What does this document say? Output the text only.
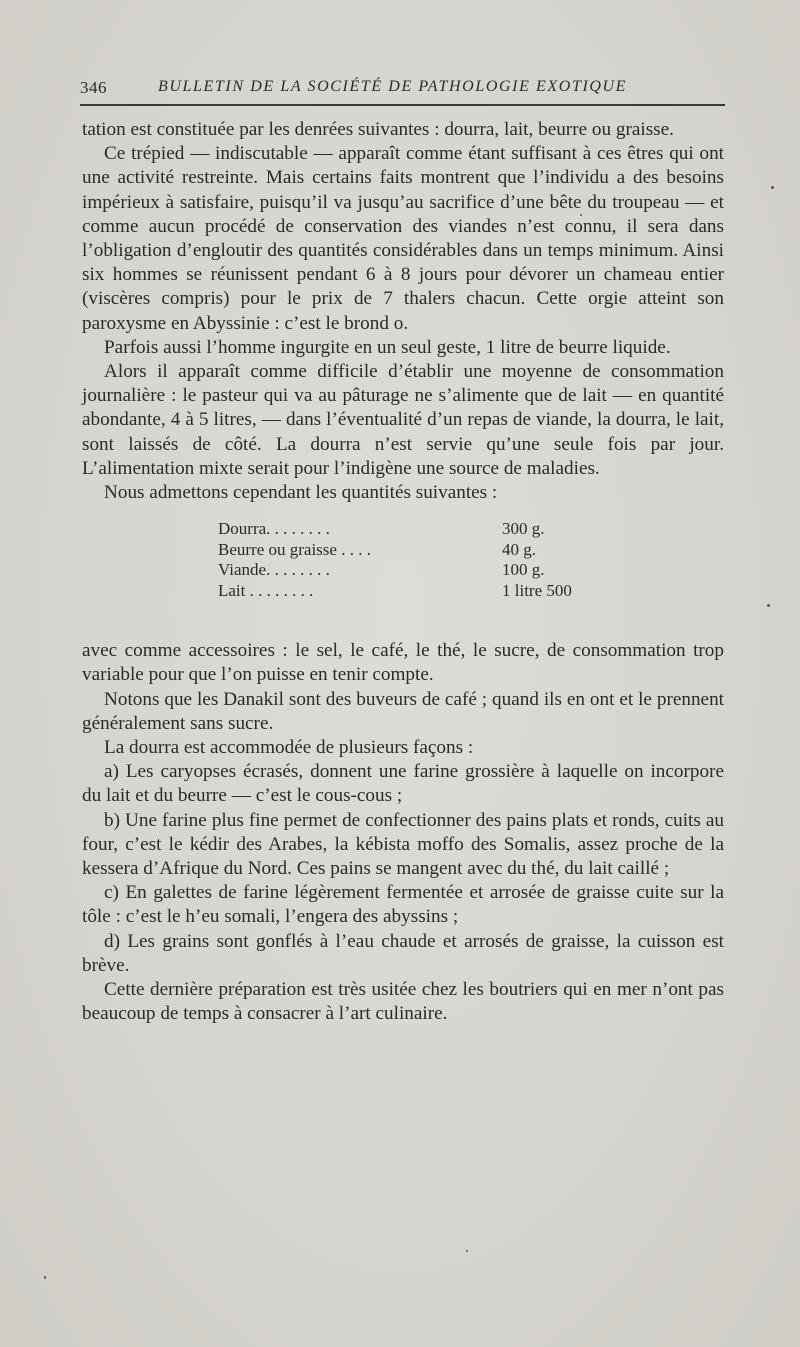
346	BULLETIN DE LA SOCIÉTÉ DE PATHOLOGIE EXOTIQUE

tation est constituée par les denrées suivantes : dourra, lait, beurre ou graisse.

Ce trépied — indiscutable — apparaît comme étant suffisant à ces êtres qui ont une activité restreinte. Mais certains faits montrent que l’individu a des besoins impérieux à satisfaire, puisqu’il va jusqu’au sacrifice d’une bête du troupeau — et comme aucun procédé de conservation des viandes n’est connu, il sera dans l’obligation d’engloutir des quantités considérables dans un temps minimum. Ainsi six hommes se réunissent pendant 6 à 8 jours pour dévorer un chameau entier (viscères compris) pour le prix de 7 thalers chacun. Cette orgie atteint son paroxysme en Abyssinie : c’est le brond o.

Parfois aussi l’homme ingurgite en un seul geste, 1 litre de beurre liquide.

Alors il apparaît comme difficile d’établir une moyenne de consommation journalière : le pasteur qui va au pâturage ne s’alimente que de lait — en quantité abondante, 4 à 5 litres, — dans l’éventualité d’un repas de viande, la dourra, le lait, sont laissés de côté. La dourra n’est servie qu’une seule fois par jour. L’alimentation mixte serait pour l’indigène une source de maladies.

Nous admettons cependant les quantités suivantes :

Dourra. . . . . . . .	300 g.
Beurre ou graisse . . . .	40 g.
Viande. . . . . . . .	100 g.
Lait . . . . . . . .	1 litre 500

avec comme accessoires : le sel, le café, le thé, le sucre, de consommation trop variable pour que l’on puisse en tenir compte.

Notons que les Danakil sont des buveurs de café ; quand ils en ont et le prennent généralement sans sucre.

La dourra est accommodée de plusieurs façons :

a) Les caryopses écrasés, donnent une farine grossière à laquelle on incorpore du lait et du beurre — c’est le cous-cous ;

b) Une farine plus fine permet de confectionner des pains plats et ronds, cuits au four, c’est le kédir des Arabes, la kébista moffo des Somalis, assez proche de la kessera d’Afrique du Nord. Ces pains se mangent avec du thé, du lait caillé ;

c) En galettes de farine légèrement fermentée et arrosée de graisse cuite sur la tôle : c’est le h’eu somali, l’engera des abyssins ;

d) Les grains sont gonflés à l’eau chaude et arrosés de graisse, la cuisson est brève.

Cette dernière préparation est très usitée chez les boutriers qui en mer n’ont pas beaucoup de temps à consacrer à l’art culinaire.
